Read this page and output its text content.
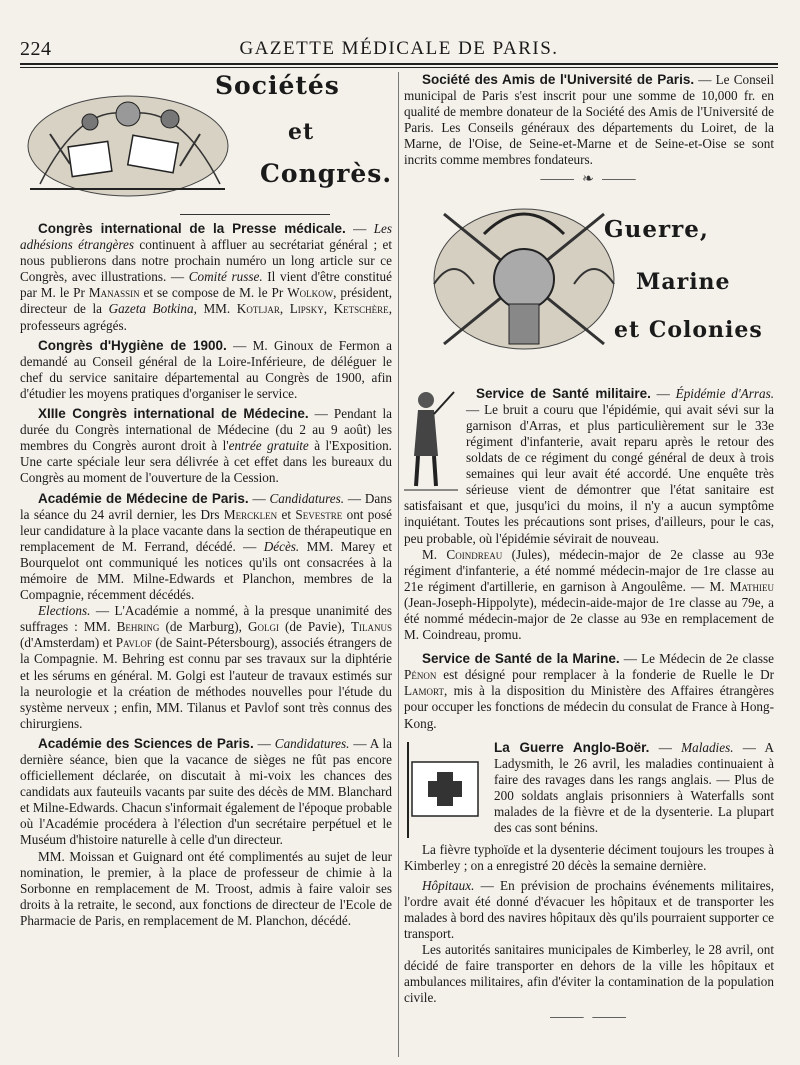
224	GAZETTE MÉDICALE DE PARIS.
Sociétés
et
Congrès.

Congrès international de la Presse médicale. — Les adhésions étrangères continuent à affluer au secrétariat général ; et nous publierons dans notre prochain numéro un long article sur ce Congrès, avec illustrations. — Comité russe. Il vient d'être constitué par M. le Pr Manassin et se compose de M. le Pr Wolkow, président, directeur de la Gazeta Botkina, MM. Kotljar, Lipsky, Ketschère, professeurs agrégés.

Congrès d'Hygiène de 1900. — M. Ginoux de Fermon a demandé au Conseil général de la Loire-Inférieure, de déléguer le chef du service sanitaire départemental au Congrès de 1900, afin d'étudier les moyens pratiques d'organiser le service.

XIIIe Congrès international de Médecine. — Pendant la durée du Congrès international de Médecine (du 2 au 9 août) les membres du Congrès auront droit à l'entrée gratuite à l'Exposition. Une carte spéciale leur sera délivrée à cet effet dans les bureaux du Congrès au moment de l'ouverture de la Cession.

Académie de Médecine de Paris. — Candidatures. — Dans la séance du 24 avril dernier, les Drs Mercklen et Sevestre ont posé leur candidature à la place vacante dans la section de thérapeutique en remplacement de M. Ferrand, décédé. — Décès. MM. Marey et Bourquelot ont communiqué les notices qu'ils ont consacrées à la mémoire de MM. Milne-Edwards et Planchon, membres de la Compagnie, récemment décédés.

Elections. — L'Académie a nommé, à la presque unanimité des suffrages : MM. Behring (de Marburg), Golgi (de Pavie), Tilanus (d'Amsterdam) et Pavlof (de Saint-Pétersbourg), associés étrangers de la Compagnie. M. Behring est connu par ses travaux sur la diphtérie et les sérums en général. M. Golgi est l'auteur de travaux estimés sur la neurologie et la création de méthodes nouvelles pour l'étude du système nerveux ; enfin, MM. Tilanus et Pavlof sont très connus des chirurgiens.

Académie des Sciences de Paris. — Candidatures. — A la dernière séance, bien que la vacance de sièges ne fût pas encore officiellement déclarée, on discutait à mi-voix les chances des candidats aux fauteuils vacants par suite des décès de MM. Blanchard et Milne-Edwards. Chacun s'informait également de l'époque probable où l'Académie procédera à l'élection d'un secrétaire perpétuel et le Muséum d'histoire naturelle à celle d'un directeur.

MM. Moissan et Guignard ont été complimentés au sujet de leur nomination, le premier, à la place de professeur de chimie à la Sorbonne en remplacement de M. Troost, admis à faire valoir ses droits à la retraite, le second, aux fonctions de directeur de l'Ecole de Pharmacie de Paris, en remplacement de M. Planchon, décédé.

Société des Amis de l'Université de Paris. — Le Conseil municipal de Paris s'est inscrit pour une somme de 10,000 fr. en qualité de membre donateur de la Société des Amis de l'Université de Paris. Les Conseils généraux des départements du Loiret, de la Marne, de l'Oise, de Seine-et-Marne et de Seine-et-Oise se sont incrits comme membres fondateurs.

⸻ ❧ ⸻
Guerre,
Marine
et Colonies

Service de Santé militaire. — Épidémie d'Arras. — Le bruit a couru que l'épidémie, qui avait sévi sur la garnison d'Arras, et plus particulièrement sur le 33e régiment d'infanterie, avait reparu après le retour des soldats de ce régiment du congé général de deux à trois semaines qui leur avait été accordé. Une enquête très sérieuse vient de démontrer que l'état sanitaire est satisfaisant et que, jusqu'ici du moins, il n'y a aucun symptôme inquiétant. Toutes les précautions sont prises, d'ailleurs, pour le cas, peu probable, où l'épidémie sévirait de nouveau.

M. Coindreau (Jules), médecin-major de 2e classe au 93e régiment d'infanterie, a été nommé médecin-major de 1re classe au 21e régiment d'artillerie, en garnison à Angoulême. — M. Mathieu (Jean-Joseph-Hippolyte), médecin-aide-major de 1re classe au 79e, a été nommé médecin-major de 2e classe au 93e en remplacement de M. Coindreau, promu.

Service de Santé de la Marine. — Le Médecin de 2e classe Pénon est désigné pour remplacer à la fonderie de Ruelle le Dr Lamort, mis à la disposition du Ministère des Affaires étrangères pour occuper les fonctions de médecin du consulat de France à Hong-Kong.

La Guerre Anglo-Boër. — Maladies. — A Ladysmith, le 26 avril, les maladies continuaient à faire des ravages dans les rangs anglais. — Plus de 200 soldats anglais prisonniers à Waterfalls sont malades de la fièvre et de la dysenterie. La plupart des cas sont bénins.

La fièvre typhoïde et la dysenterie déciment toujours les troupes à Kimberley ; on a enregistré 20 décès la semaine dernière.

Hôpitaux. — En prévision de prochains événements militaires, l'ordre avait été donné d'évacuer les hôpitaux et de transporter les malades à bord des navires hôpitaux dès qu'ils pourraient supporter ce transport.

Les autorités sanitaires municipales de Kimberley, le 28 avril, ont décidé de faire transporter en dehors de la ville les hôpitaux et ambulances militaires, afin d'éviter la contamination de la population civile.

⸻ ⸻
